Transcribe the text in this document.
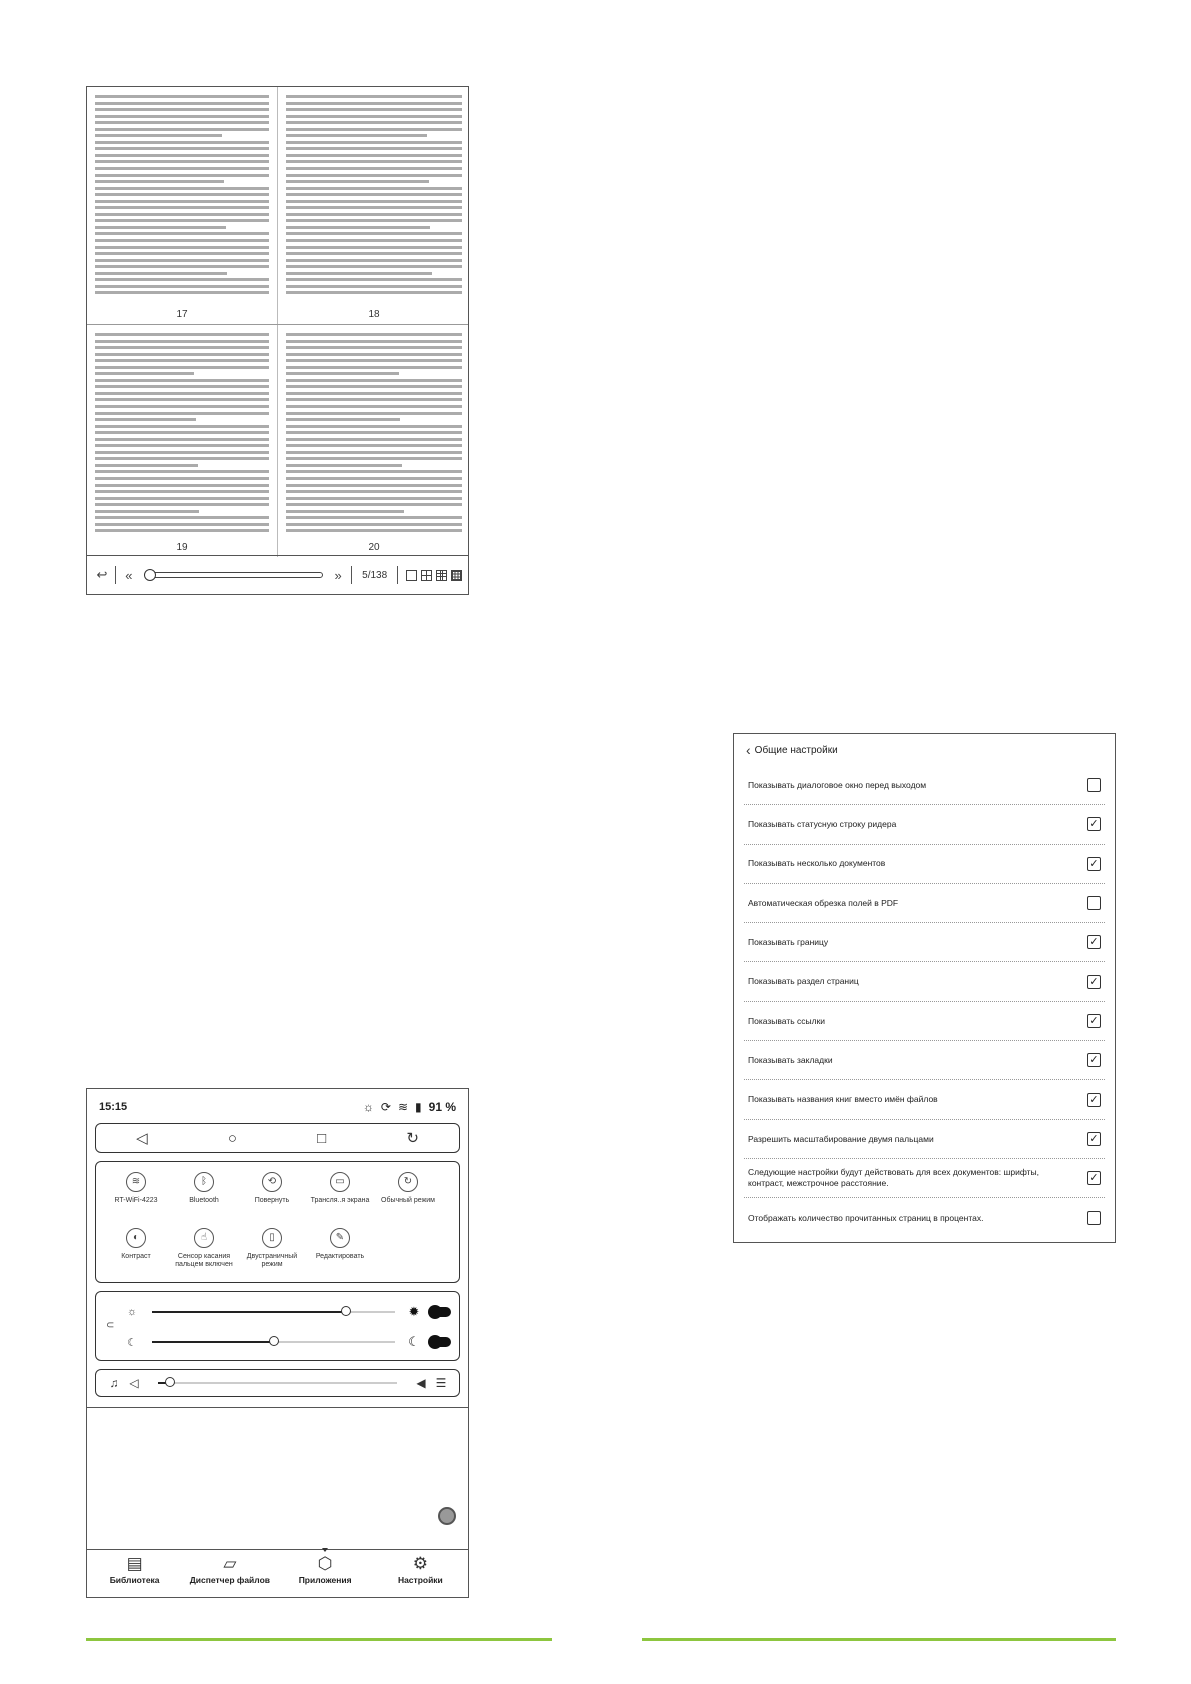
17	18
19	20
↩	«	»	5/138
‹ Общие настройки
Показывать диалоговое окно перед выходом
Показывать статусную строку ридера	✓
Показывать несколько документов	✓
Автоматическая обрезка полей в PDF
Показывать границу	✓
Показывать раздел страниц	✓
Показывать ссылки	✓
Показывать закладки	✓
Показывать названия книг вместо имён файлов	✓
Разрешить масштабирование двумя пальцами	✓
Следующие настройки будут действовать для всех документов: шрифты, контраст, межстрочное расстояние.	✓
Отображать количество прочитанных страниц в процентах.
15:15	☼ ⟳ ≋ ▮ 91 %
◁	○	□	↻
≋
RT-WiFi-4223
ᛒ
Bluetooth
⟲
Повернуть
▭
Трансля..я экрана
↻
Обычный режим
◐
Контраст
☝
Сенсор касания пальцем включен
▯
Двустраничный режим
✎
Редактировать
⊂
☼	✹
☾	☾
♫ ◁	◀ ☰
▤
Библиотека
▱
Диспетчер файлов
⬡
Приложения
⚙
Настройки
